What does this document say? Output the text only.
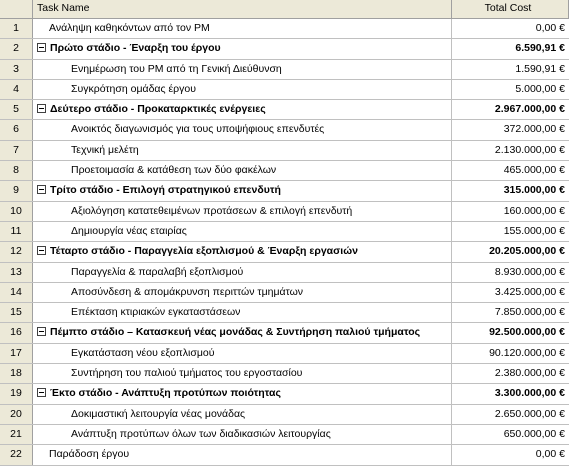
Task Name	Total Cost
1	Ανάληψη καθηκόντων από τον PM	0,00 €
2	Πρώτο στάδιο - Έναρξη του έργου	6.590,91 €
3	Ενημέρωση του PM από τη Γενική Διεύθυνση	1.590,91 €
4	Συγκρότηση ομάδας έργου	5.000,00 €
5	Δεύτερο στάδιο - Προκαταρκτικές ενέργειες	2.967.000,00 €
6	Ανοικτός διαγωνισμός για τους υποψήφιους επενδυτές	372.000,00 €
7	Τεχνική μελέτη	2.130.000,00 €
8	Προετοιμασία & κατάθεση των δύο φακέλων	465.000,00 €
9	Τρίτο στάδιο - Επιλογή στρατηγικού επενδυτή	315.000,00 €
10	Αξιολόγηση κατατεθειμένων προτάσεων & επιλογή επενδυτή	160.000,00 €
11	Δημιουργία νέας εταιρίας	155.000,00 €
12	Τέταρτο στάδιο - Παραγγελία εξοπλισμού & Έναρξη εργασιών	20.205.000,00 €
13	Παραγγελία & παραλαβή εξοπλισμού	8.930.000,00 €
14	Αποσύνδεση & απομάκρυνση περιττών τμημάτων	3.425.000,00 €
15	Επέκταση κτιριακών εγκαταστάσεων	7.850.000,00 €
16	Πέμπτο στάδιο – Κατασκευή νέας μονάδας & Συντήρηση παλιού τμήματος	92.500.000,00 €
17	Εγκατάσταση νέου εξοπλισμού	90.120.000,00 €
18	Συντήρηση του παλιού τμήματος του εργοστασίου	2.380.000,00 €
19	Έκτο στάδιο - Ανάπτυξη προτύπων ποιότητας	3.300.000,00 €
20	Δοκιμαστική λειτουργία νέας μονάδας	2.650.000,00 €
21	Ανάπτυξη προτύπων όλων των διαδικασιών λειτουργίας	650.000,00 €
22	Παράδοση έργου	0,00 €
